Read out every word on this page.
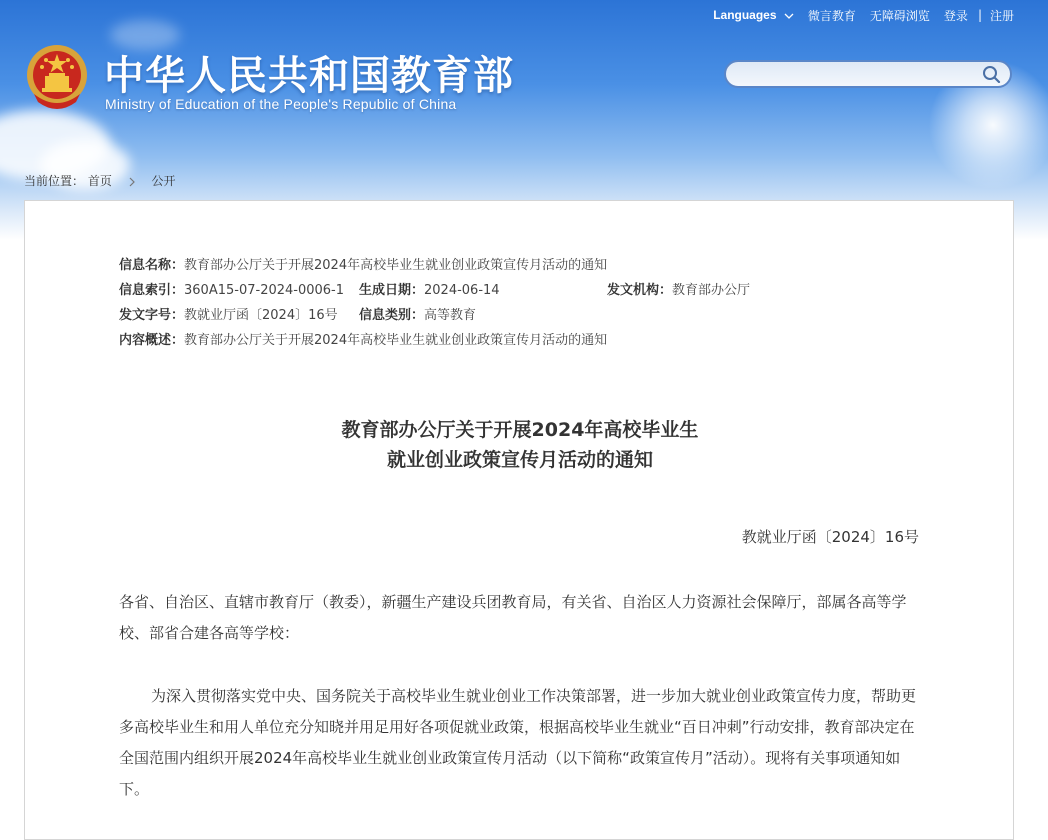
Languages	微言教育 无障碍浏览 登录 | 注册
中华人民共和国教育部
Ministry of Education of the People's Republic of China
当前位置： 首页	公开
信息名称：教育部办公厅关于开展2024年高校毕业生就业创业政策宣传月活动的通知
信息索引：360A15-07-2024-0006-1 生成日期：2024-06-14	发文机构：教育部办公厅
发文字号：教就业厅函〔2024〕16号 信息类别：高等教育
内容概述：教育部办公厅关于开展2024年高校毕业生就业创业政策宣传月活动的通知
教育部办公厅关于开展2024年高校毕业生
就业创业政策宣传月活动的通知
教就业厅函〔2024〕16号
各省、自治区、直辖市教育厅（教委），新疆生产建设兵团教育局，有关省、自治区人力资源社会保障厅，部属各高等学校、部省合建各高等学校：
为深入贯彻落实党中央、国务院关于高校毕业生就业创业工作决策部署，进一步加大就业创业政策宣传力度，帮助更多高校毕业生和用人单位充分知晓并用足用好各项促就业政策，根据高校毕业生就业“百日冲刺”行动安排，教育部决定在全国范围内组织开展2024年高校毕业生就业创业政策宣传月活动（以下简称“政策宣传月”活动）。现将有关事项通知如下。
